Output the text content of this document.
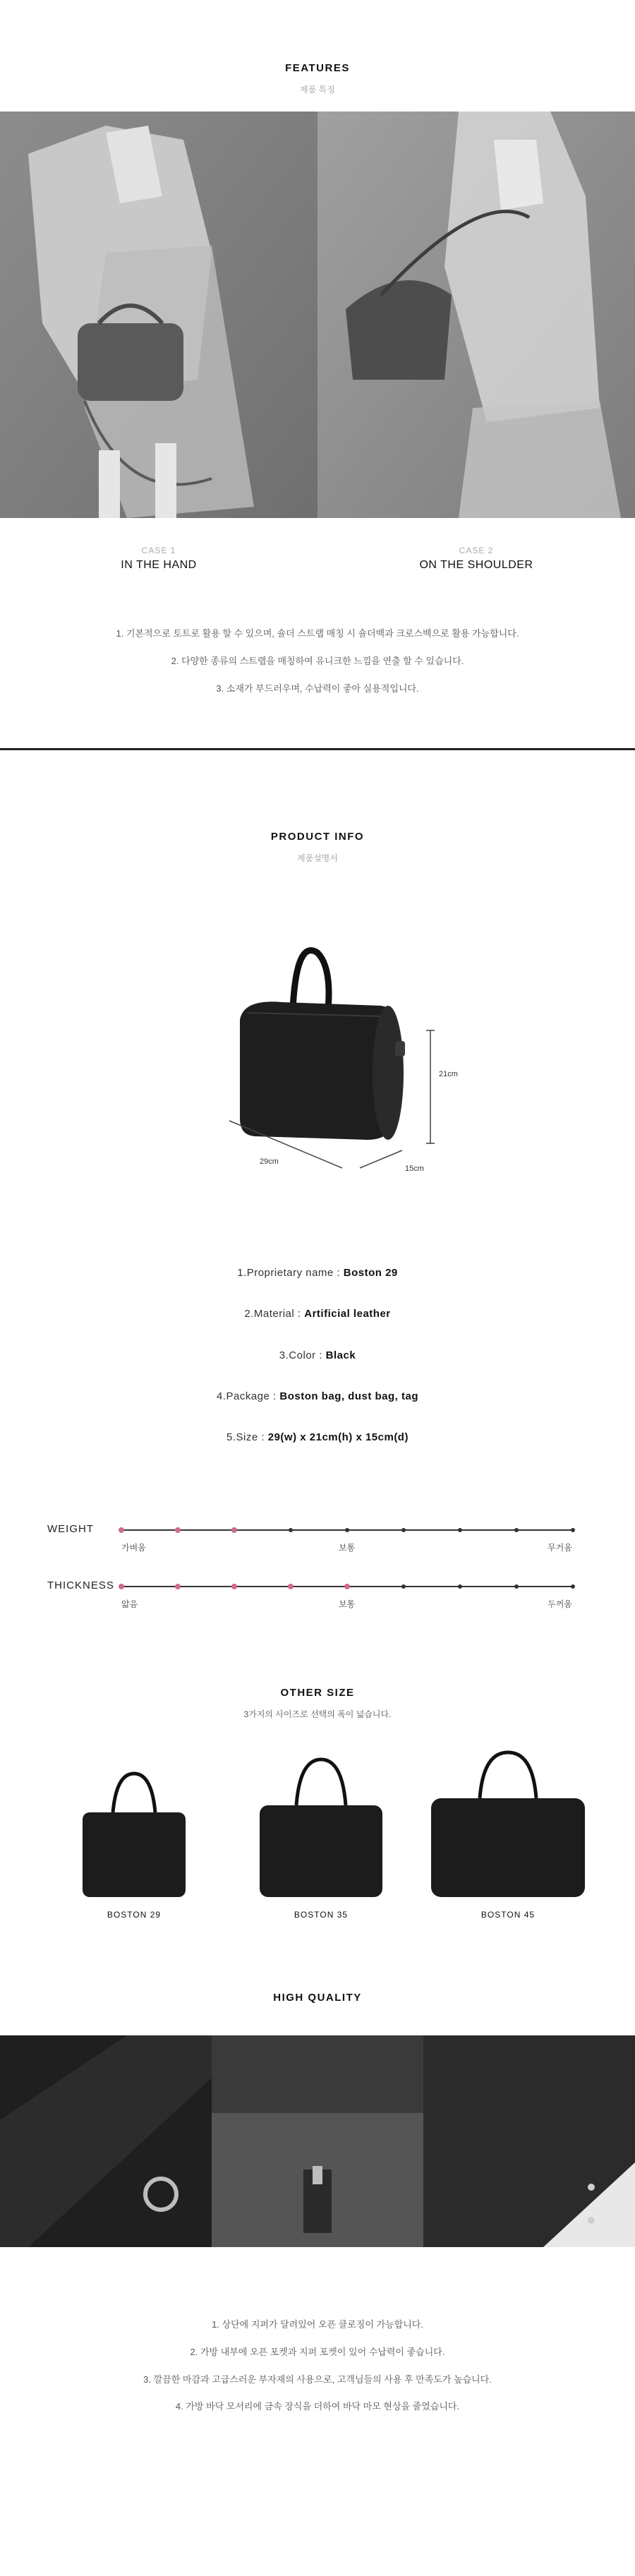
FEATURES
제품 특징
CASE 1
IN THE HAND
CASE 2
ON THE SHOULDER
1. 기본적으로 토트로 활용 할 수 있으며, 숄더 스트랩 매칭 시 숄더백과 크로스백으로 활용 가능합니다.
2. 다양한 종류의 스트랩을 매칭하여 유니크한 느낌을 연출 할 수 있습니다.
3. 소재가 부드러우며, 수납력이 좋아 실용적입니다.
PRODUCT INFO
제품설명서
21cm
29cm
15cm
1.Proprietary name : Boston 29
2.Material : Artificial leather
3.Color : Black
4.Package : Boston bag, dust bag, tag
5.Size : 29(w) x 21cm(h) x 15cm(d)
WEIGHT
가벼움	보통	무거움
THICKNESS
얇음	보통	두꺼움
OTHER SIZE
3가지의 사이즈로 선택의 폭이 넓습니다.
BOSTON 29	BOSTON 35	BOSTON 45
HIGH QUALITY
1. 상단에 지퍼가 달려있어 오픈 클로징이 가능합니다.
2. 가방 내부에 오픈 포켓과 지퍼 포켓이 있어 수납력이 좋습니다.
3. 깔끔한 마감과 고급스러운 부자재의 사용으로, 고객님들의 사용 후 만족도가 높습니다.
4. 가방 바닥 모서리에 금속 장식을 더하여 바닥 마모 현상을 줄였습니다.
